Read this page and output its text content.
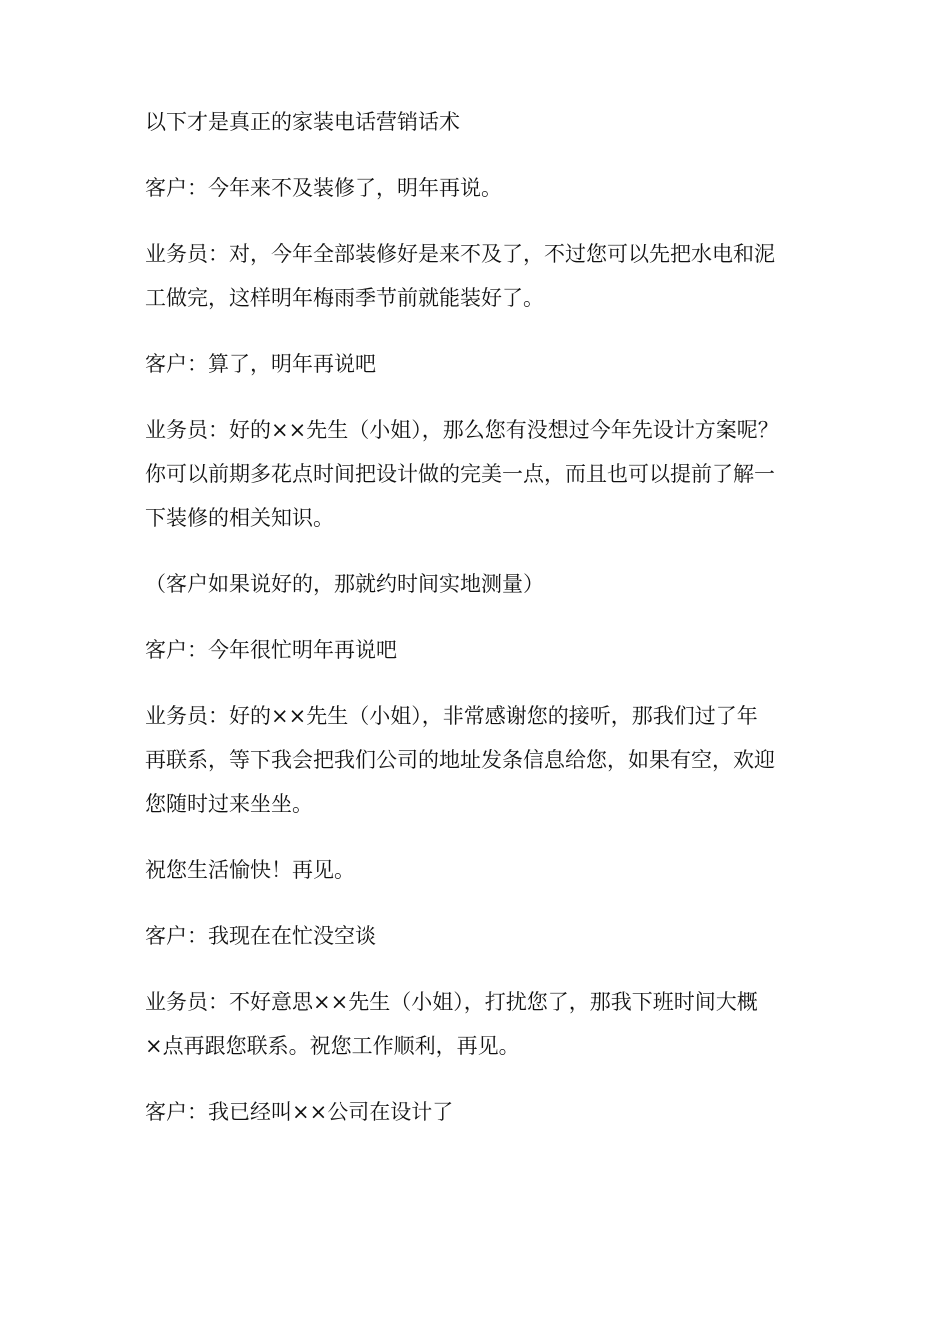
以下才是真正的家装电话营销话术

客户：今年来不及装修了，明年再说。

业务员：对，今年全部装修好是来不及了，不过您可以先把水电和泥
工做完，这样明年梅雨季节前就能装好了。

客户：算了，明年再说吧

业务员：好的××先生（小姐），那么您有没想过今年先设计方案呢？
你可以前期多花点时间把设计做的完美一点，而且也可以提前了解一
下装修的相关知识。

（客户如果说好的，那就约时间实地测量）

客户：今年很忙明年再说吧

业务员：好的××先生（小姐），非常感谢您的接听，那我们过了年
再联系，等下我会把我们公司的地址发条信息给您，如果有空，欢迎
您随时过来坐坐。

祝您生活愉快！再见。

客户：我现在在忙没空谈

业务员：不好意思××先生（小姐），打扰您了，那我下班时间大概
×点再跟您联系。祝您工作顺利，再见。

客户：我已经叫××公司在设计了
